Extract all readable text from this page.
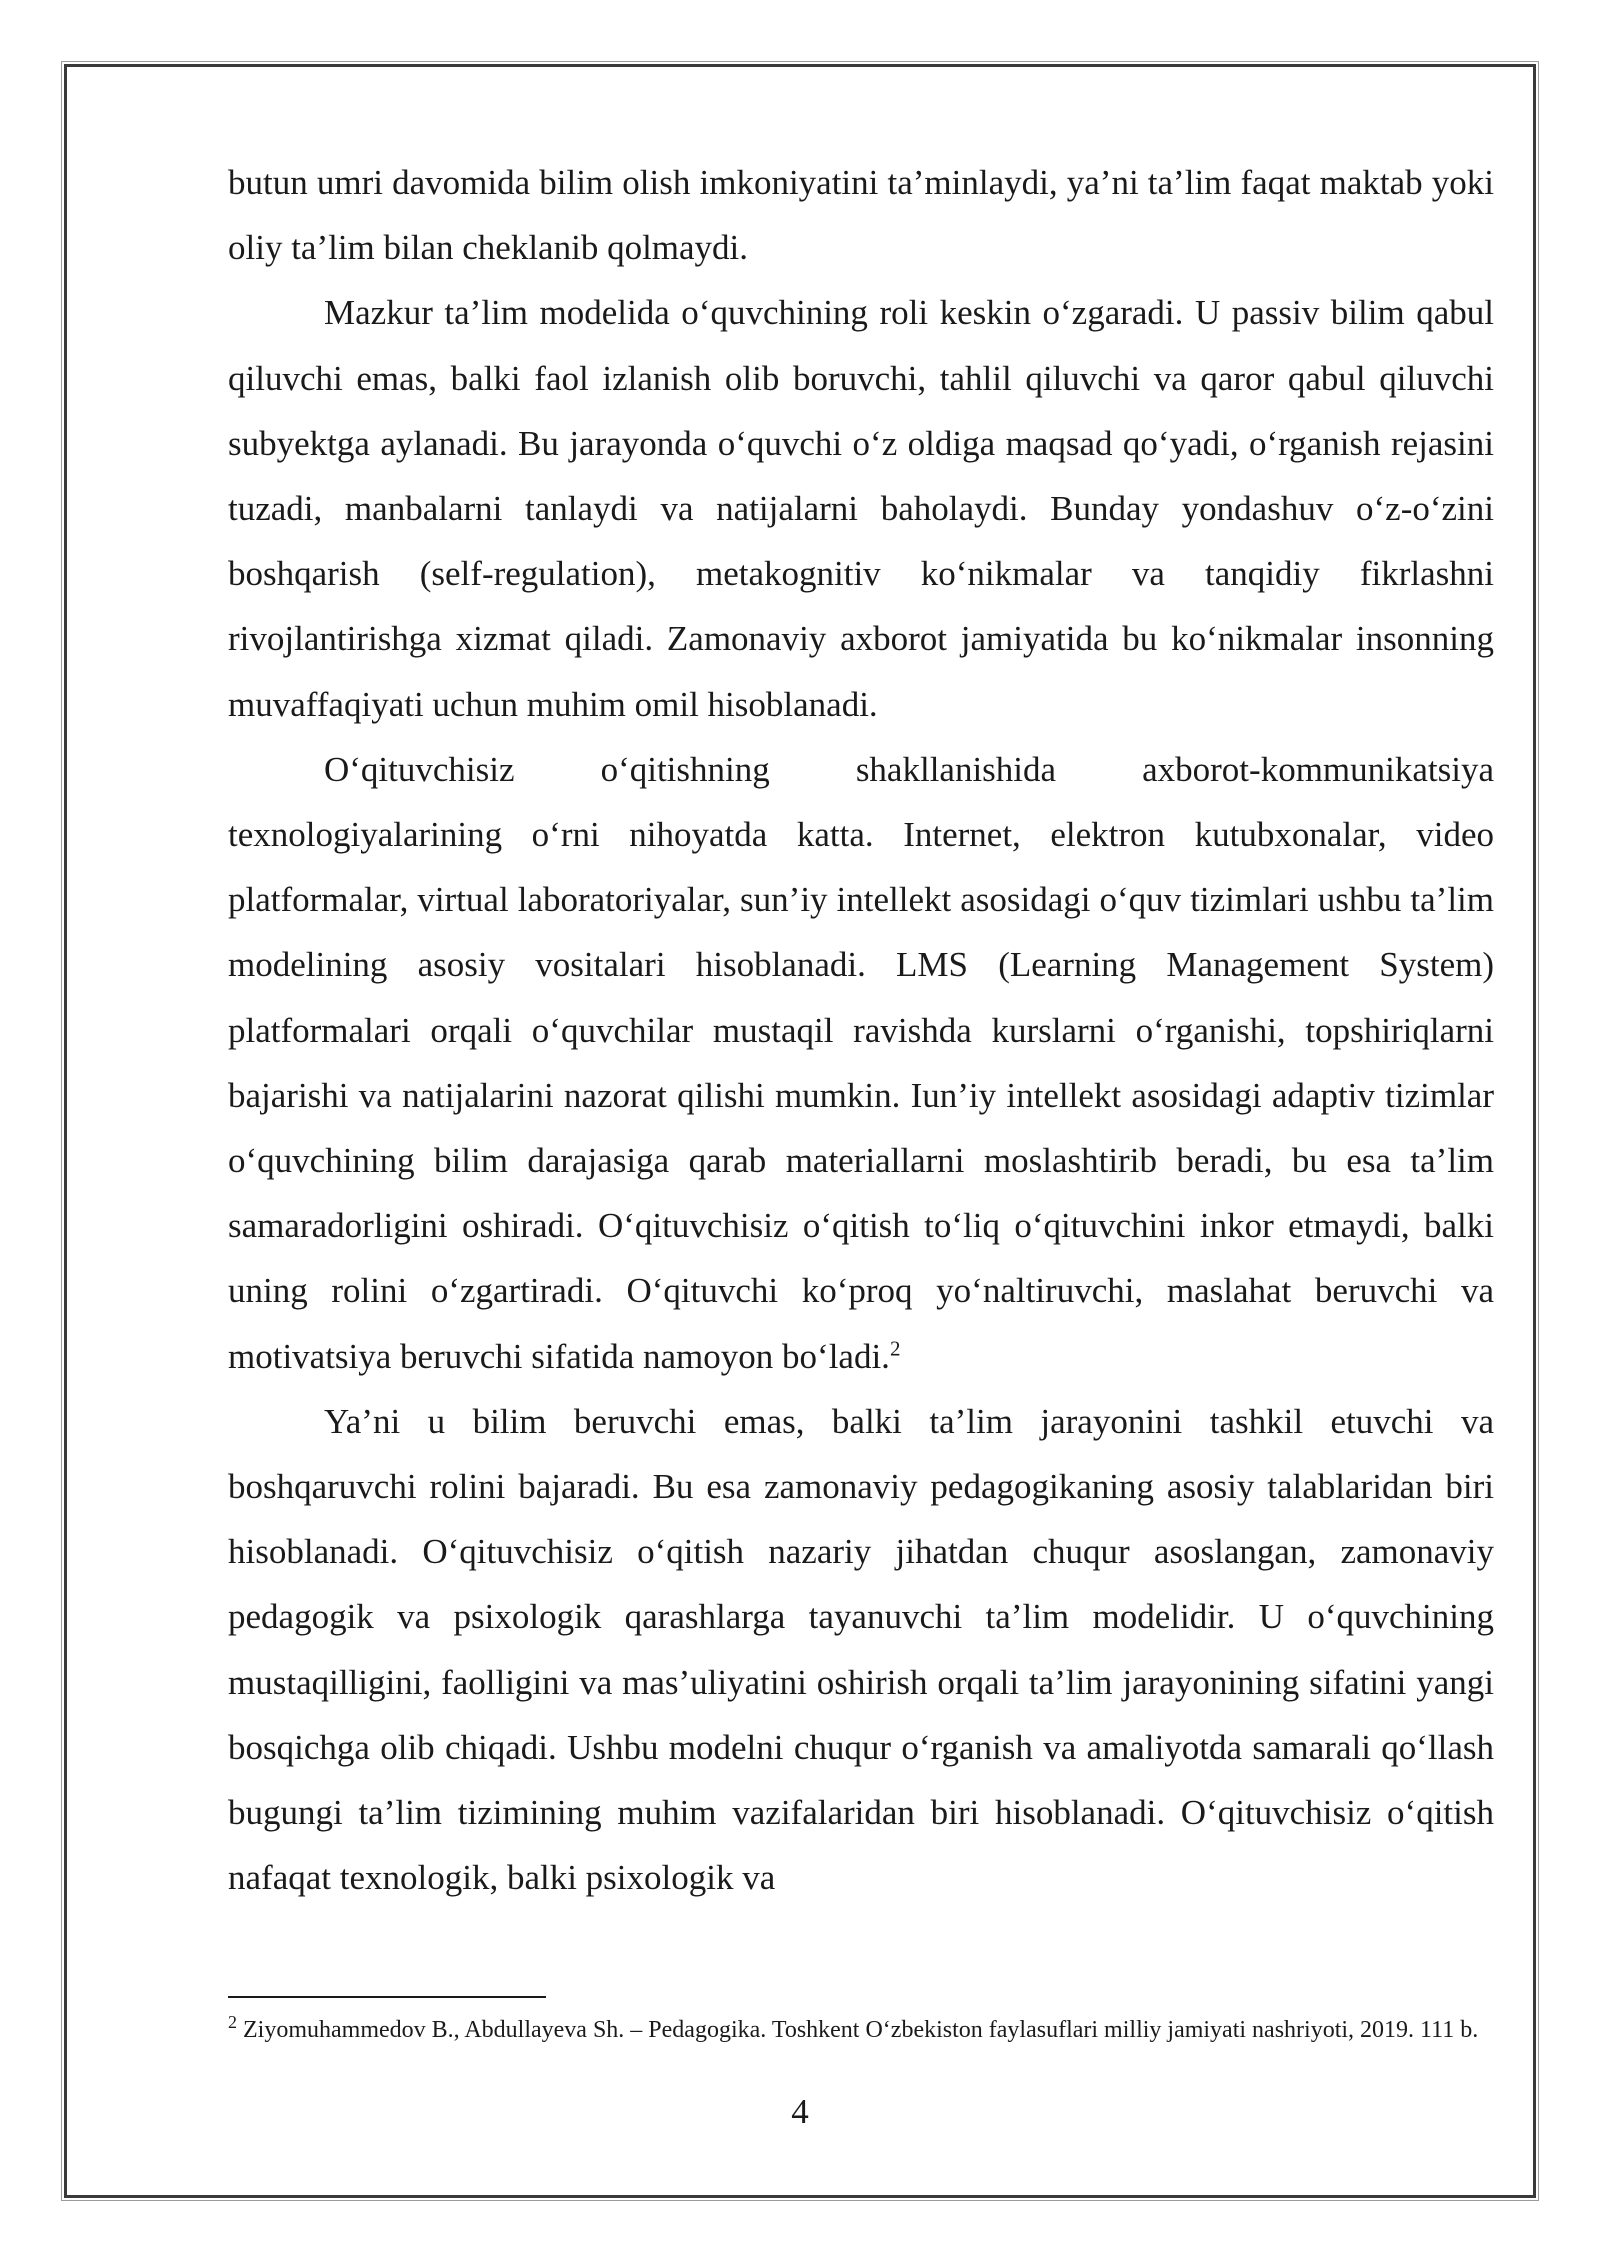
butun umri davomida bilim olish imkoniyatini ta’minlaydi, ya’ni ta’lim faqat maktab yoki oliy ta’lim bilan cheklanib qolmaydi.

Mazkur ta’lim modelida oʻquvchining roli keskin oʻzgaradi. U passiv bilim qabul qiluvchi emas, balki faol izlanish olib boruvchi, tahlil qiluvchi va qaror qabul qiluvchi subyektga aylanadi. Bu jarayonda oʻquvchi oʻz oldiga maqsad qoʻyadi, oʻrganish rejasini tuzadi, manbalarni tanlaydi va natijalarni baholaydi. Bunday yondashuv oʻz-oʻzini boshqarish (self-regulation), metakognitiv koʻnikmalar va tanqidiy fikrlashni rivojlantirishga xizmat qiladi. Zamonaviy axborot jamiyatida bu koʻnikmalar insonning muvaffaqiyati uchun muhim omil hisoblanadi.

Oʻqituvchisiz oʻqitishning shakllanishida axborot-kommunikatsiya texnologiyalarining oʻrni nihoyatda katta. Internet, elektron kutubxonalar, video platformalar, virtual laboratoriyalar, sun’iy intellekt asosidagi oʻquv tizimlari ushbu ta’lim modelining asosiy vositalari hisoblanadi. LMS (Learning Management System) platformalari orqali oʻquvchilar mustaqil ravishda kurslarni oʻrganishi, topshiriqlarni bajarishi va natijalarini nazorat qilishi mumkin. Iun’iy intellekt asosidagi adaptiv tizimlar oʻquvchining bilim darajasiga qarab materiallarni moslashtirib beradi, bu esa ta’lim samaradorligini oshiradi. Oʻqituvchisiz oʻqitish toʻliq oʻqituvchini inkor etmaydi, balki uning rolini oʻzgartiradi. Oʻqituvchi koʻproq yoʻnaltiruvchi, maslahat beruvchi va motivatsiya beruvchi sifatida namoyon boʻladi.$^2$

Ya’ni u bilim beruvchi emas, balki ta’lim jarayonini tashkil etuvchi va boshqaruvchi rolini bajaradi. Bu esa zamonaviy pedagogikaning asosiy talablaridan biri hisoblanadi. Oʻqituvchisiz oʻqitish nazariy jihatdan chuqur asoslangan, zamonaviy pedagogik va psixologik qarashlarga tayanuvchi ta’lim modelidir. U oʻquvchining mustaqilligini, faolligini va mas’uliyatini oshirish orqali ta’lim jarayonining sifatini yangi bosqichga olib chiqadi. Ushbu modelni chuqur oʻrganish va amaliyotda samarali qoʻllash bugungi ta’lim tizimining muhim vazifalaridan biri hisoblanadi. Oʻqituvchisiz oʻqitish nafaqat texnologik, balki psixologik va

$^2$ Ziyomuhammedov B., Abdullayeva Sh. – Pedagogika. Toshkent Oʻzbekiston faylasuflari milliy jamiyati nashriyoti, 2019. 111 b.

4
